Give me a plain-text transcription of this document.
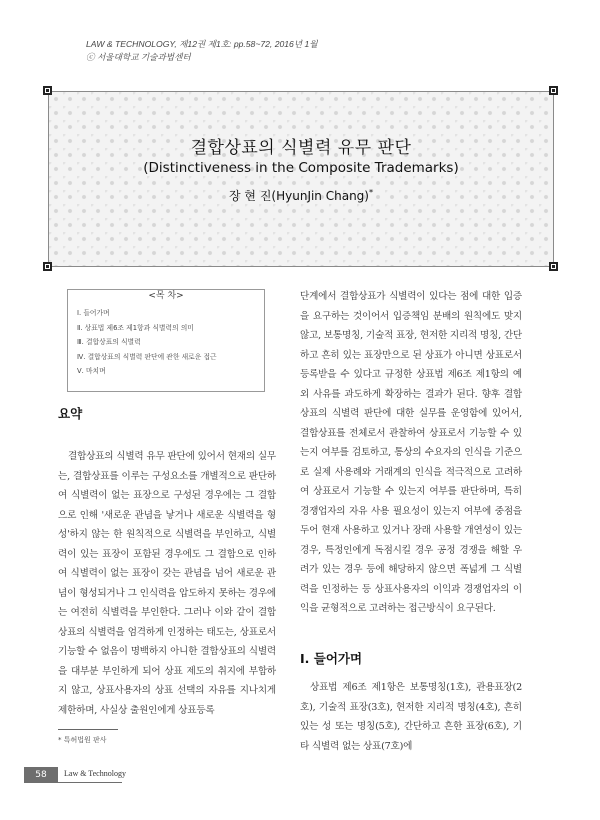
LAW & TECHNOLOGY, 제12권 제1호: pp.58~72, 2016년 1월
ⓒ 서울대학교 기술과법센터
결합상표의 식별력 유무 판단
(Distinctiveness in the Composite Trademarks)
장 현 진(HyunJin Chang)*
<목 차>
Ⅰ. 들어가며
Ⅱ. 상표법 제6조 제1항과 식별력의 의미
Ⅲ. 결합상표의 식별력
Ⅳ. 결합상표의 식별력 판단에 관한 새로운 접근
Ⅴ. 마치며
요약

결합상표의 식별력 유무 판단에 있어서 현재의 실무는, 결합상표를 이루는 구성요소를 개별적으로 판단하여 식별력이 없는 표장으로 구성된 경우에는 그 결합으로 인해 '새로운 관념을 낳거나 새로운 식별력을 형성'하지 않는 한 원칙적으로 식별력을 부인하고, 식별력이 있는 표장이 포함된 경우에도 그 결합으로 인하여 식별력이 없는 표장이 갖는 관념을 넘어 새로운 관념이 형성되거나 그 인식력을 압도하지 못하는 경우에는 여전히 식별력을 부인한다. 그러나 이와 같이 결합상표의 식별력을 엄격하게 인정하는 태도는, 상표로서 기능할 수 없음이 명백하지 아니한 결합상표의 식별력을 대부분 부인하게 되어 상표 제도의 취지에 부합하지 않고, 상표사용자의 상표 선택의 자유를 지나치게 제한하며, 사실상 출원인에게 상표등록

* 특허법원 판사

단계에서 결합상표가 식별력이 있다는 점에 대한 입증을 요구하는 것이어서 입증책임 분배의 원칙에도 맞지 않고, 보통명칭, 기술적 표장, 현저한 지리적 명칭, 간단하고 흔히 있는 표장만으로 된 상표가 아니면 상표로서 등록받을 수 있다고 규정한 상표법 제6조 제1항의 예외 사유를 과도하게 확장하는 결과가 된다. 향후 결합상표의 식별력 판단에 대한 실무를 운영함에 있어서, 결합상표를 전체로서 관찰하여 상표로서 기능할 수 있는지 여부를 검토하고, 통상의 수요자의 인식을 기준으로 실제 사용례와 거래계의 인식을 적극적으로 고려하여 상표로서 기능할 수 있는지 여부를 판단하며, 특히 경쟁업자의 자유 사용 필요성이 있는지 여부에 중점을 두어 현재 사용하고 있거나 장래 사용할 개연성이 있는 경우, 특정인에게 독점시킬 경우 공정 경쟁을 해할 우려가 있는 경우 등에 해당하지 않으면 폭넓게 그 식별력을 인정하는 등 상표사용자의 이익과 경쟁업자의 이익을 균형적으로 고려하는 접근방식이 요구된다.

Ⅰ. 들어가며

상표법 제6조 제1항은 보통명칭(1호), 관용표장(2호), 기술적 표장(3호), 현저한 지리적 명칭(4호), 흔히 있는 성 또는 명칭(5호), 간단하고 흔한 표장(6호), 기타 식별력 없는 상표(7호)에

58	Law & Technology
